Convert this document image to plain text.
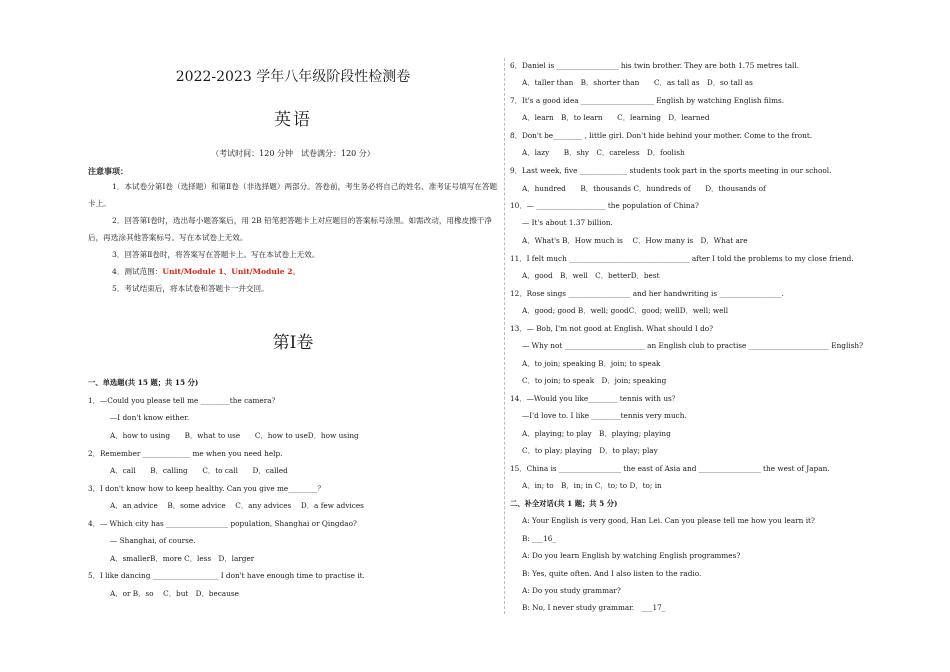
2022-2023 学年八年级阶段性检测卷
英语
（考试时间：120 分钟　试卷满分：120 分）
注意事项：

1．本试卷分第Ⅰ卷（选择题）和第Ⅱ卷（非选择题）两部分。答卷前，考生务必将自己的姓名、准考证号填写在答题卡上。

2．回答第Ⅰ卷时，选出每小题答案后，用 2B 铅笔把答题卡上对应题目的答案标号涂黑。如需改动，用橡皮擦干净后，再选涂其他答案标号。写在本试卷上无效。

3．回答第Ⅱ卷时，将答案写在答题卡上。写在本试卷上无效。

4．测试范围：Unit/Module 1、Unit/Module 2。

5．考试结束后，将本试卷和答题卡一并交回。

第Ⅰ卷
一、单选题(共 15 题；共 15 分)
1．—Could you please tell me ________the camera？
—I don't know either.
A．how to using　　B．what to use　　C．how to useD．how using
2．Remember _____________ me when you need help.
A．call　　B．calling　　C．to call　　D．called
3．I don't know how to keep healthy. Can you give me________？
A．an advice　 B．some advice　 C．any advices　 D．a few advices
4．— Which city has _________________ population, Shanghai or Qingdao?
— Shanghai, of course.
A．smallerB．more C．less　D．larger
5．I like dancing __________________ I don't have enough time to practise it.
A．or B．so　 C．but　D．because
6．Daniel is _________________ his twin brother. They are both 1.75 metres tall.
A．taller than　B．shorter than　　C．as tall as　D．so tall as
7．It's a good idea ____________________ English by watching English films.
A．learn　B．to learn　　C．learning　D．learned
8．Don't be________ , little girl. Don't hide behind your mother. Come to the front.
A．lazy　　B．shy　C．careless　D．foolish
9．Last week, five _____________ students took part in the sports meeting in our school.
A．hundred　　B．thousands C．hundreds of　　D．thousands of
10．— ___________________ the population of China?
— It's about 1.37 billion.
A．What's B．How much is　 C．How many is　D．What are
11．I felt much _________________________________ after I told the problems to my close friend.
A．good　B．well　C．betterD．best
12．Rose sings _________________ and her handwriting is _________________.
A．good; good B．well; goodC．good; wellD．well; well
13．— Bob, I'm not good at English. What should I do?
— Why not ______________________ an English club to practise ______________________ English?
A．to join; speaking B．join; to speak
C．to join; to speak　D．join; speaking
14．—Would you like________ tennis with us？
—I'd love to. I like ________tennis very much.
A．playing; to play　B．playing; playing
C．to play; playing　D．to play; play
15．China is _________________ the east of Asia and _________________ the west of Japan.
A．in; to　B．in; in C．to; to D．to; in
二、补全对话(共 1 题；共 5 分)
A: Your English is very good, Han Lei. Can you please tell me how you learn it?
B: ___16_
A: Do you learn English by watching English programmes?
B: Yes, quite often. And I also listen to the radio.
A: Do you study grammar?
B: No, I never study grammar.　___17_
